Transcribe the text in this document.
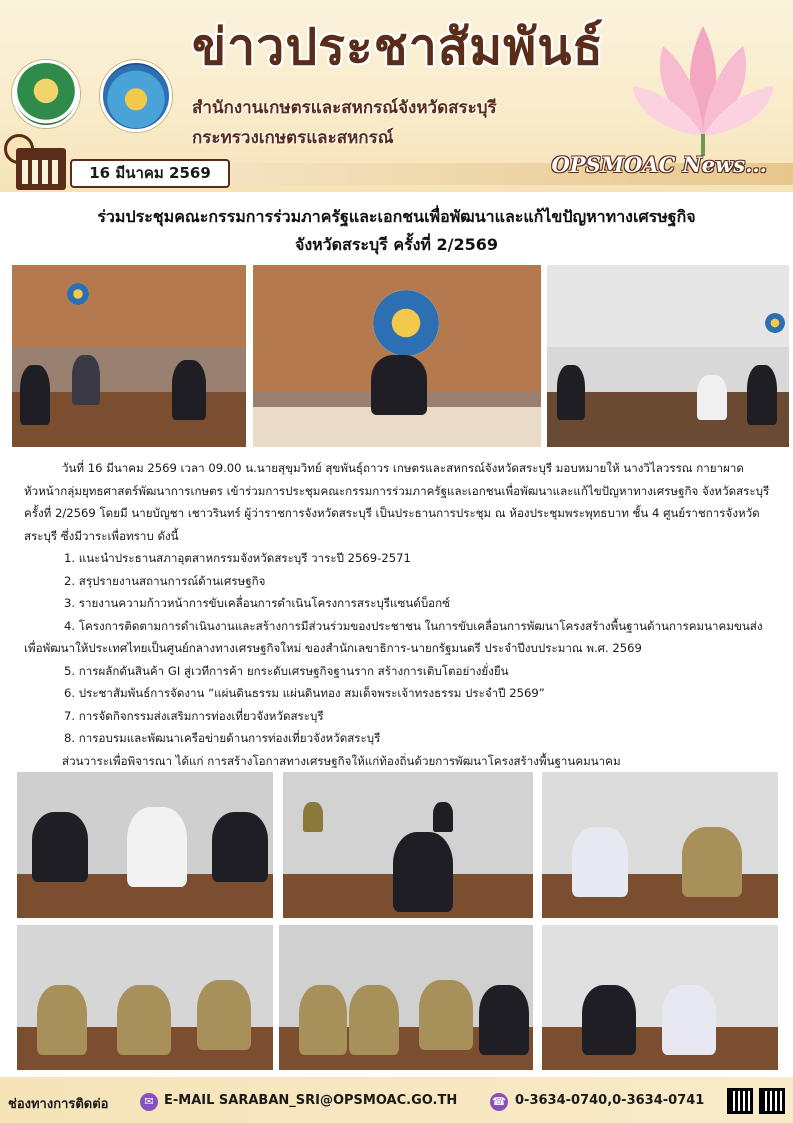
ข่าวประชาสัมพันธ์
สำนักงานเกษตรและสหกรณ์จังหวัดสระบุรี
กระทรวงเกษตรและสหกรณ์
OPSMOAC News...
16 มีนาคม 2569
ร่วมประชุมคณะกรรมการร่วมภาครัฐและเอกชนเพื่อพัฒนาและแก้ไขปัญหาทางเศรษฐกิจ
จังหวัดสระบุรี ครั้งที่ 2/2569

วันที่ 16 มีนาคม 2569 เวลา 09.00 น.นายสุขุมวิทย์ สุขพันธุ์ถาวร เกษตรและสหกรณ์จังหวัดสระบุรี มอบหมายให้ นางวิไลวรรณ กายาผาด หัวหน้ากลุ่มยุทธศาสตร์พัฒนาการเกษตร เข้าร่วมการประชุมคณะกรรมการร่วมภาครัฐและเอกชนเพื่อพัฒนาและแก้ไขปัญหาทางเศรษฐกิจ จังหวัดสระบุรี ครั้งที่ 2/2569 โดยมี นายบัญชา เชาวรินทร์ ผู้ว่าราชการจังหวัดสระบุรี เป็นประธานการประชุม ณ ห้องประชุมพระพุทธบาท ชั้น 4 ศูนย์ราชการจังหวัดสระบุรี ซึ่งมีวาระเพื่อทราบ ดังนี้

1. แนะนำประธานสภาอุตสาหกรรมจังหวัดสระบุรี วาระปี 2569-2571

2. สรุปรายงานสถานการณ์ด้านเศรษฐกิจ

3. รายงานความก้าวหน้าการขับเคลื่อนการดำเนินโครงการสระบุรีแซนด์บ็อกซ์

4. โครงการติดตามการดำเนินงานและสร้างการมีส่วนร่วมของประชาชน ในการขับเคลื่อนการพัฒนาโครงสร้างพื้นฐานด้านการคมนาคมขนส่ง เพื่อพัฒนาให้ประเทศไทยเป็นศูนย์กลางทางเศรษฐกิจใหม่ ของสำนักเลขาธิการ-นายกรัฐมนตรี ประจำปีงบประมาณ พ.ศ. 2569

5. การผลักดันสินค้า GI สู่เวทีการค้า ยกระดับเศรษฐกิจฐานราก สร้างการเติบโตอย่างยั่งยืน

6. ประชาสัมพันธ์การจัดงาน “แผ่นดินธรรม แผ่นดินทอง สมเด็จพระเจ้าทรงธรรม ประจำปี 2569”

7. การจัดกิจกรรมส่งเสริมการท่องเที่ยวจังหวัดสระบุรี

8. การอบรมและพัฒนาเครือข่ายด้านการท่องเที่ยวจังหวัดสระบุรี

ส่วนวาระเพื่อพิจารณา ได้แก่ การสร้างโอกาสทางเศรษฐกิจให้แก่ท้องถิ่นด้วยการพัฒนาโครงสร้างพื้นฐานคมนาคม

ช่องทางการติดต่อ	✉ E-MAIL SARABAN_SRI@OPSMOAC.GO.TH	☎ 0-3634-0740,0-3634-0741
